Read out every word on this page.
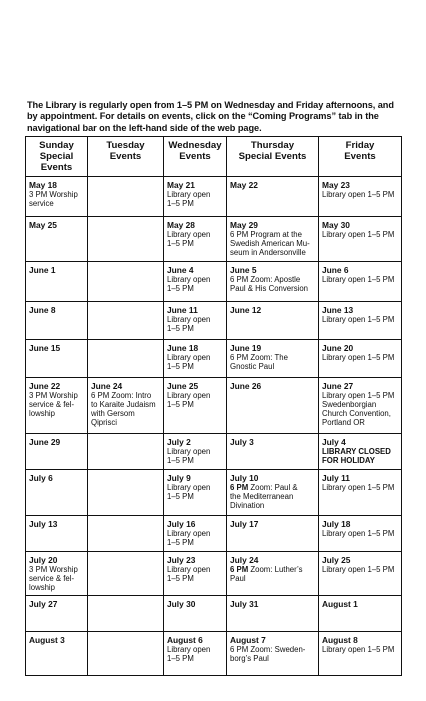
The Library is regularly open from 1–5 PM on Wednesday and Friday afternoons, and by appointment. For details on events, click on the “Coming Programs” tab in the navigational bar on the left-hand side of the web page.

Sunday
Special
Events	Tuesday
Events	Wednesday
Events	Thursday
Special Events	Friday
Events

May 18
3 PM Worship
service		May 21
Library open
1–5 PM	May 22	May 23
Library open 1–5 PM

May 25		May 28
Library open
1–5 PM	May 29
6 PM Program at the
Swedish American Mu-
seum in Andersonville	May 30
Library open 1–5 PM

June 1		June 4
Library open
1–5 PM	June 5
6 PM Zoom: Apostle
Paul & His Conversion	June 6
Library open 1–5 PM

June 8		June 11
Library open
1–5 PM	June 12	June 13
Library open 1–5 PM

June 15		June 18
Library open
1–5 PM	June 19
6 PM Zoom: The
Gnostic Paul	June 20
Library open 1–5 PM

June 22
3 PM Worship
service & fel-
lowship	June 24
6 PM Zoom: Intro
to Karaite Judaism
with Gersom
Qiprisci	June 25
Library open
1–5 PM	June 26	June 27
Library open 1–5 PM
Swedenborgian
Church Convention,
Portland OR

June 29		July 2
Library open
1–5 PM	July 3	July 4
LIBRARY CLOSED
FOR HOLIDAY

July 6		July 9
Library open
1–5 PM	July 10
6 PM Zoom: Paul &
the Mediterranean
Divination	July 11
Library open 1–5 PM

July 13		July 16
Library open
1–5 PM	July 17	July 18
Library open 1–5 PM

July 20
3 PM Worship
service & fel-
lowship		July 23
Library open
1–5 PM	July 24
6 PM Zoom: Luther’s
Paul	July 25
Library open 1–5 PM

July 27		July 30	July 31	August 1

August 3		August 6
Library open
1–5 PM	August 7
6 PM Zoom: Sweden-
borg’s Paul	August 8
Library open 1–5 PM
